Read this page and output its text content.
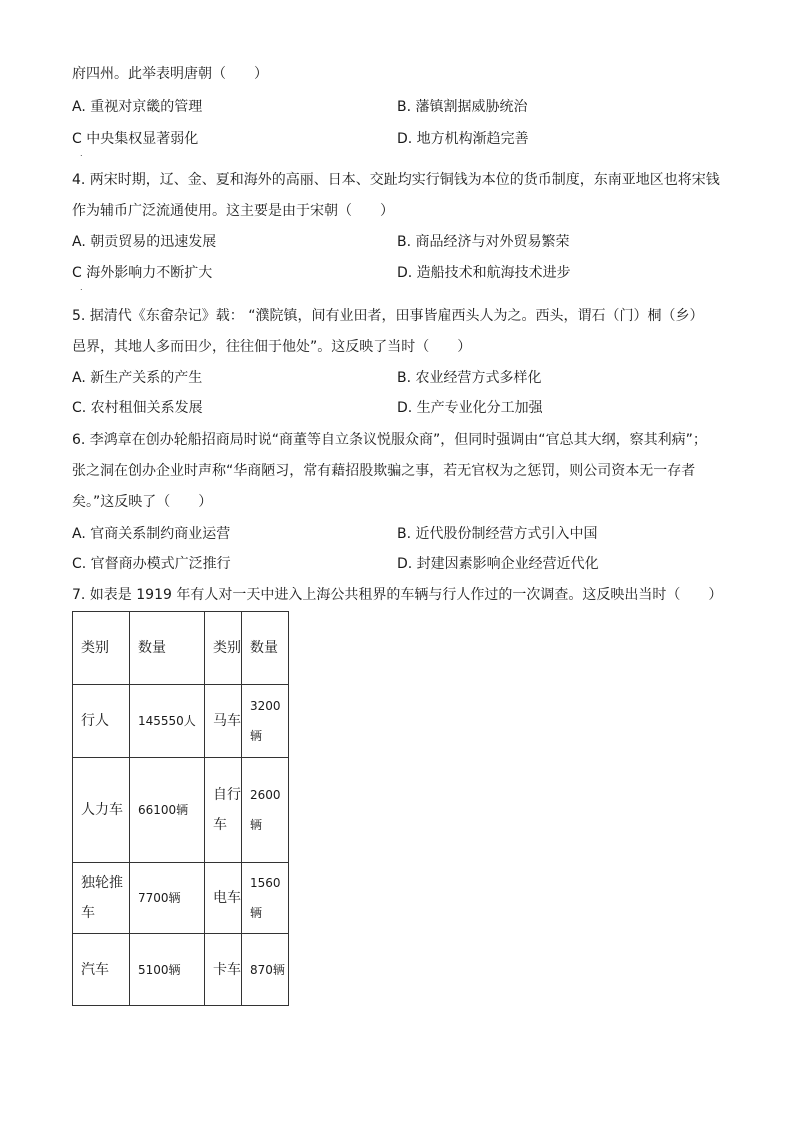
府四州。此举表明唐朝（　　）
A. 重视对京畿的管理	B. 藩镇割据威胁统治
C 中央集权显著弱化	D. 地方机构渐趋完善
.
4. 两宋时期，辽、金、夏和海外的高丽、日本、交趾均实行铜钱为本位的货币制度，东南亚地区也将宋钱
作为辅币广泛流通使用。这主要是由于宋朝（　　）
A. 朝贡贸易的迅速发展	B. 商品经济与对外贸易繁荣
C 海外影响力不断扩大	D. 造船技术和航海技术进步
.
5. 据清代《东畲杂记》载： “濮院镇，间有业田者，田事皆雇西头人为之。西头，谓石（门）桐（乡）
邑界，其地人多而田少，往往佃于他处”。这反映了当时（　　）
A. 新生产关系的产生	B. 农业经营方式多样化
C. 农村租佃关系发展	D. 生产专业化分工加强
6. 李鸿章在创办轮船招商局时说“商董等自立条议悦服众商”，但同时强调由“官总其大纲，察其利病”；
张之洞在创办企业时声称“华商陋习，常有藉招股欺骗之事，若无官权为之惩罚，则公司资本无一存者
矣。”这反映了（　　）
A. 官商关系制约商业运营	B. 近代股份制经营方式引入中国
C. 官督商办模式广泛推行	D. 封建因素影响企业经营近代化
7. 如表是 1919 年有人对一天中进入上海公共租界的车辆与行人作过的一次调查。这反映出当时（　　）
类别	数量	类别	数量
行人	145550人	马车	3200辆

人力车	66100辆	自行车	2600辆

独轮推车	7700辆	电车	1560辆

汽车	5100辆	卡车	870辆
